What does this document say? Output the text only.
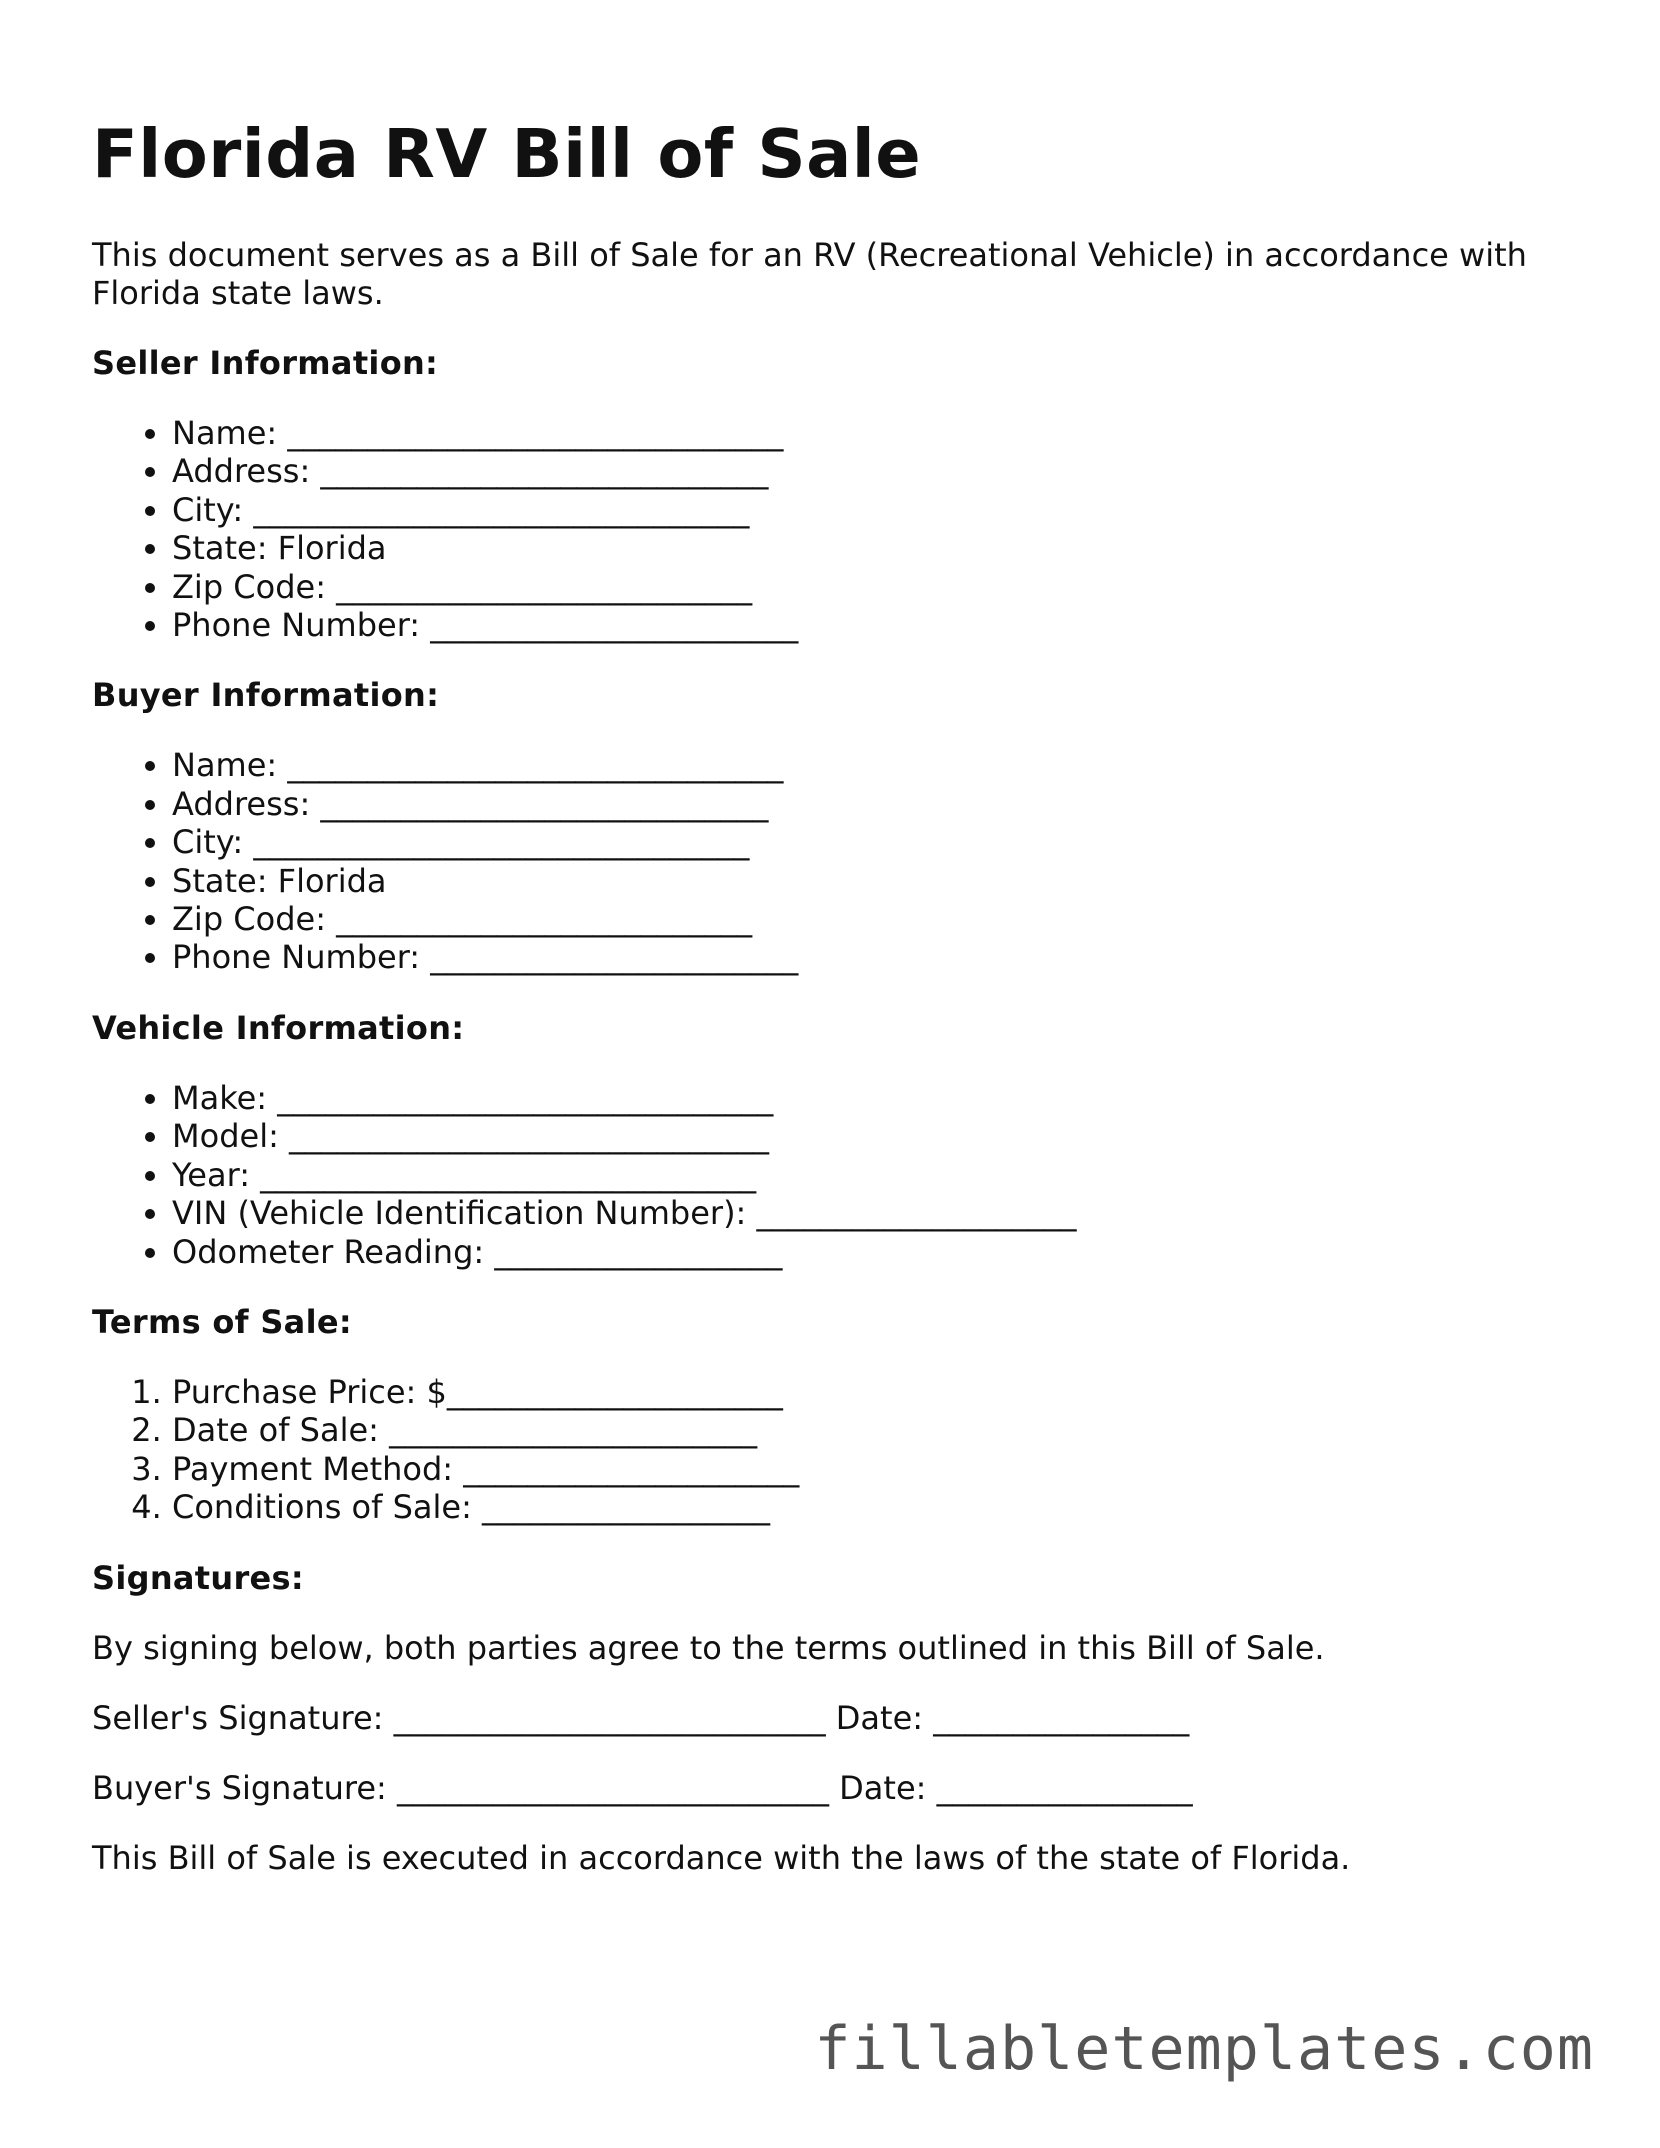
Florida RV Bill of Sale

This document serves as a Bill of Sale for an RV (Recreational Vehicle) in accordance with Florida state laws.

Seller Information:
• Name: _______________________________
• Address: ____________________________
• City: _______________________________
• State: Florida
• Zip Code: __________________________
• Phone Number: _______________________
Buyer Information:
• Name: _______________________________
• Address: ____________________________
• City: _______________________________
• State: Florida
• Zip Code: __________________________
• Phone Number: _______________________
Vehicle Information:
• Make: _______________________________
• Model: ______________________________
• Year: _______________________________
• VIN (Vehicle Identification Number): ____________________
• Odometer Reading: __________________
Terms of Sale:
1. Purchase Price: $_____________________
2. Date of Sale: _______________________
3. Payment Method: _____________________
4. Conditions of Sale: __________________
Signatures:

By signing below, both parties agree to the terms outlined in this Bill of Sale.

Seller's Signature: ___________________________ Date: ________________
Buyer's Signature: ___________________________ Date: ________________

This Bill of Sale is executed in accordance with the laws of the state of Florida.

fillabletemplates.com
